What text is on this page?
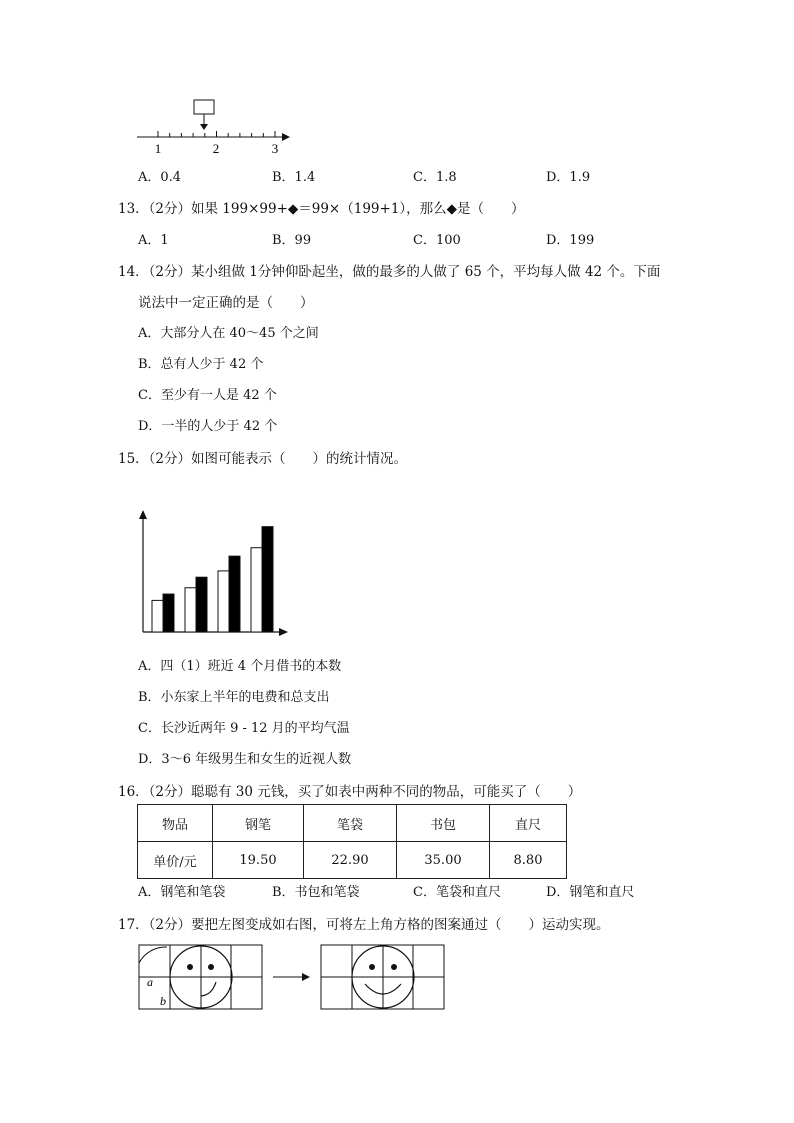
1	2	3
A．0.4	B．1.4	C．1.8	D．1.9
13．（2分）如果 199×99+◆＝99×（199+1），那么◆是（　　）
A．1	B．99	C．100	D．199
14．（2分）某小组做 1分钟仰卧起坐，做的最多的人做了 65 个，平均每人做 42 个。下面
说法中一定正确的是（　　）
A．大部分人在 40～45 个之间
B．总有人少于 42 个
C．至少有一人是 42 个
D．一半的人少于 42 个
15．（2分）如图可能表示（　　）的统计情况。
A．四（1）班近 4 个月借书的本数
B．小东家上半年的电费和总支出
C．长沙近两年 9 - 12 月的平均气温
D．3～6 年级男生和女生的近视人数
16．（2分）聪聪有 30 元钱，买了如表中两种不同的物品，可能买了（　　）
物品	钢笔	笔袋	书包	直尺
单价/元	19.50	22.90	35.00	8.80
A．钢笔和笔袋	B．书包和笔袋	C．笔袋和直尺	D．钢笔和直尺
17．（2分）要把左图变成如右图，可将左上角方格的图案通过（　　）运动实现。
a
b
